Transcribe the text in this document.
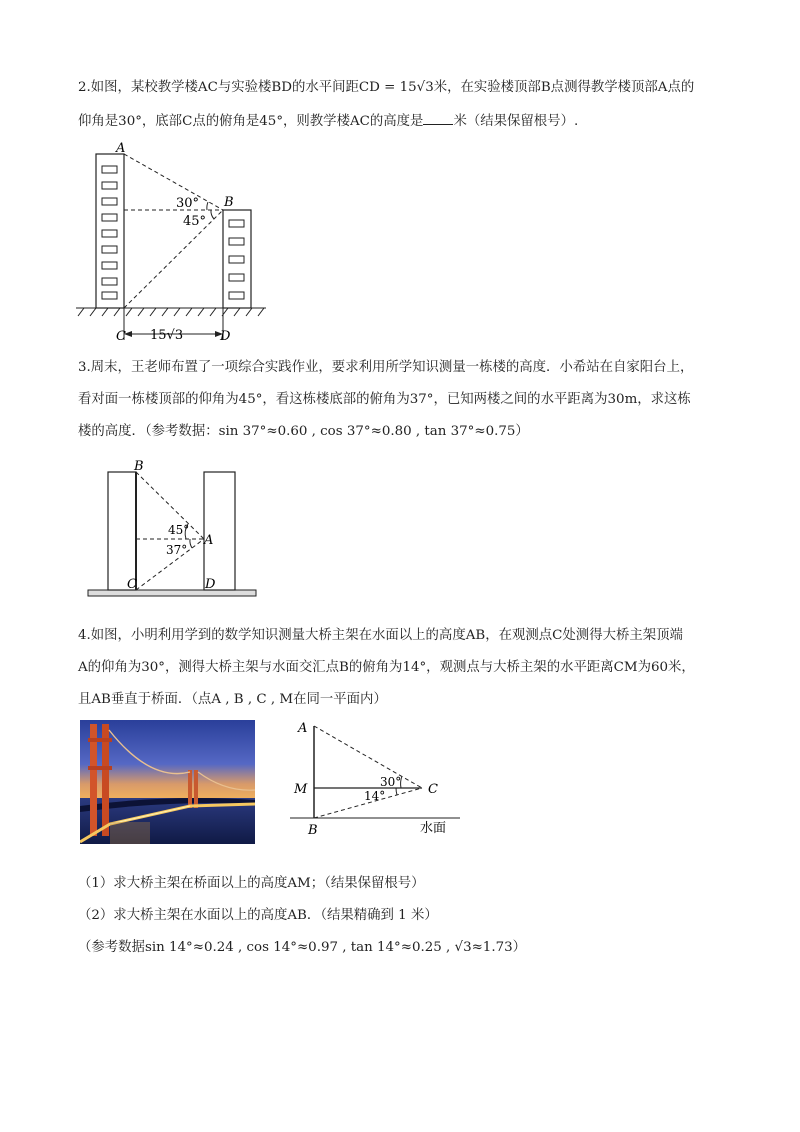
2.如图，某校教学楼AC与实验楼BD的水平间距CD = 15√3米，在实验楼顶部B点测得教学楼顶部A点的
仰角是30°，底部C点的俯角是45°，则教学楼AC的高度是 米（结果保留根号）.
A
B
C	D
30°
45°
15√3
3.周末，王老师布置了一项综合实践作业，要求利用所学知识测量一栋楼的高度．小希站在自家阳台上，
看对面一栋楼顶部的仰角为45°，看这栋楼底部的俯角为37°，已知两楼之间的水平距离为30m，求这栋
楼的高度．（参考数据：sin 37°≈0.60 , cos 37°≈0.80 , tan 37°≈0.75）
B
A
C	D
45°
37°
4.如图，小明利用学到的数学知识测量大桥主架在水面以上的高度AB，在观测点C处测得大桥主架顶端
A的仰角为30°，测得大桥主架与水面交汇点B的俯角为14°，观测点与大桥主架的水平距离CM为60米，
且AB垂直于桥面．（点A , B , C , M在同一平面内）
A
M	C
B
30°
14°
水面
（1）求大桥主架在桥面以上的高度AM；（结果保留根号）
（2）求大桥主架在水面以上的高度AB．（结果精确到 1 米）
（参考数据sin 14°≈0.24 , cos 14°≈0.97 , tan 14°≈0.25 , √3≈1.73）
